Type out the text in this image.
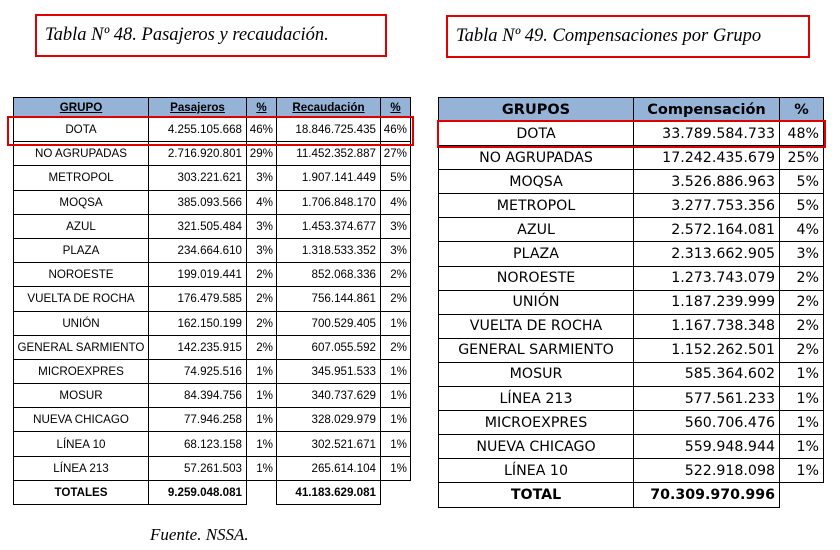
Tabla Nº 48. Pasajeros y recaudación.	Tabla Nº 49. Compensaciones por Grupo
GRUPO	Pasajeros	%	Recaudación	%
DOTA	4.255.105.668	46%	18.846.725.435	46%
NO AGRUPADAS	2.716.920.801	29%	11.452.352.887	27%
METROPOL	303.221.621	3%	1.907.141.449	5%
MOQSA	385.093.566	4%	1.706.848.170	4%
AZUL	321.505.484	3%	1.453.374.677	3%
PLAZA	234.664.610	3%	1.318.533.352	3%
NOROESTE	199.019.441	2%	852.068.336	2%
VUELTA DE ROCHA	176.479.585	2%	756.144.861	2%
UNIÓN	162.150.199	2%	700.529.405	1%
GENERAL SARMIENTO	142.235.915	2%	607.055.592	2%
MICROEXPRES	74.925.516	1%	345.951.533	1%
MOSUR	84.394.756	1%	340.737.629	1%
NUEVA CHICAGO	77.946.258	1%	328.029.979	1%
LÍNEA 10	68.123.158	1%	302.521.671	1%
LÍNEA 213	57.261.503	1%	265.614.104	1%
TOTALES	9.259.048.081		41.183.629.081	
GRUPOS	Compensación	%
DOTA	33.789.584.733	48%
NO AGRUPADAS	17.242.435.679	25%
MOQSA	3.526.886.963	5%
METROPOL	3.277.753.356	5%
AZUL	2.572.164.081	4%
PLAZA	2.313.662.905	3%
NOROESTE	1.273.743.079	2%
UNIÓN	1.187.239.999	2%
VUELTA DE ROCHA	1.167.738.348	2%
GENERAL SARMIENTO	1.152.262.501	2%
MOSUR	585.364.602	1%
LÍNEA 213	577.561.233	1%
MICROEXPRES	560.706.476	1%
NUEVA CHICAGO	559.948.944	1%
LÍNEA 10	522.918.098	1%
TOTAL	70.309.970.996	
Fuente. NSSA.
